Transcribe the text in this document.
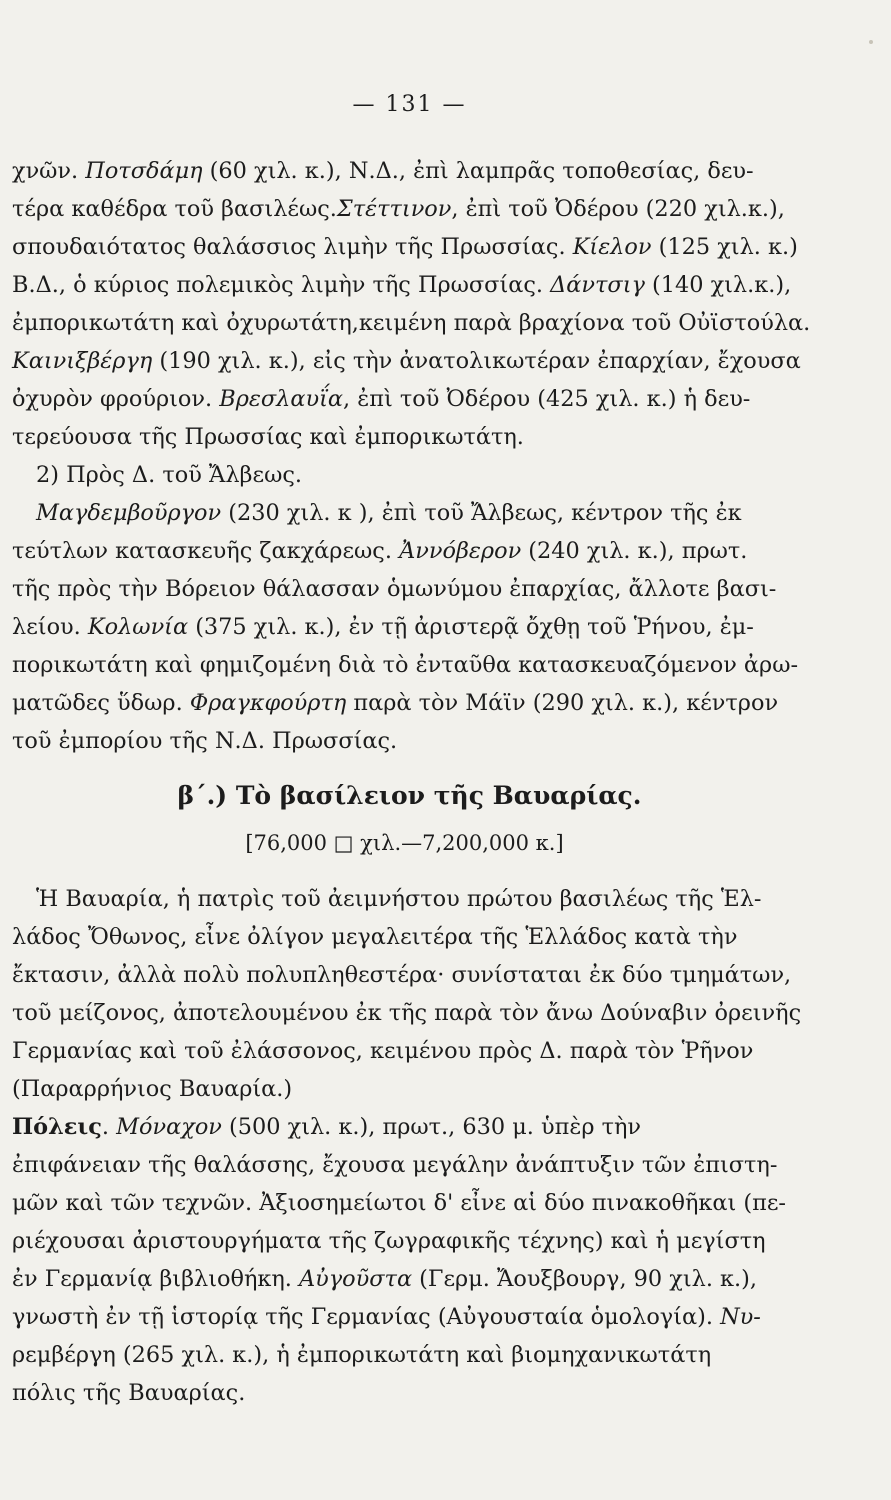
— 131 —

χνῶν. Ποτσδάμη (60 χιλ. κ.), Ν.Δ., ἐπὶ λαμπρᾶς τοποθεσίας, δευ-
τέρα καθέδρα τοῦ βασιλέως.Στέττινον, ἐπὶ τοῦ Ὀδέρου (220 χιλ.κ.),
σπουδαιότατος θαλάσσιος λιμὴν τῆς Πρωσσίας. Κίελον (125 χιλ. κ.)
Β.Δ., ὁ κύριος πολεμικὸς λιμὴν τῆς Πρωσσίας. Δάντσιγ (140 χιλ.κ.),
ἐμπορικωτάτη καὶ ὀχυρωτάτη,κειμένη παρὰ βραχίονα τοῦ Οὐϊστούλα.
Καινιξβέργη (190 χιλ. κ.), εἰς τὴν ἀνατολικωτέραν ἐπαρχίαν, ἔχουσα
ὀχυρὸν φρούριον. Βρεσλαυΐα, ἐπὶ τοῦ Ὀδέρου (425 χιλ. κ.) ἡ δευ-
τερεύουσα τῆς Πρωσσίας καὶ ἐμπορικωτάτη.
2) Πρὸς Δ. τοῦ Ἄλβεως.

Μαγδεμβοῦργον (230 χιλ. κ ), ἐπὶ τοῦ Ἄλβεως, κέντρον τῆς ἐκ
τεύτλων κατασκευῆς ζακχάρεως. Ἀννόβερον (240 χιλ. κ.), πρωτ.
τῆς πρὸς τὴν Βόρειον θάλασσαν ὁμωνύμου ἐπαρχίας, ἄλλοτε βασι-
λείου. Κολωνία (375 χιλ. κ.), ἐν τῇ ἀριστερᾷ ὄχθῃ τοῦ Ῥήνου, ἐμ-
πορικωτάτη καὶ φημιζομένη διὰ τὸ ἐνταῦθα κατασκευαζόμενον ἀρω-
ματῶδες ὕδωρ. Φραγκφούρτη παρὰ τὸν Μάϊν (290 χιλ. κ.), κέντρον
τοῦ ἐμπορίου τῆς Ν.Δ. Πρωσσίας.

β΄.) Τὸ βασίλειον τῆς Βαυαρίας.
[76,000 □ χιλ.—7,200,000 κ.]

Ἡ Βαυαρία, ἡ πατρὶς τοῦ ἀειμνήστου πρώτου βασιλέως τῆς Ἑλ-
λάδος Ὄθωνος, εἶνε ὀλίγον μεγαλειτέρα τῆς Ἑλλάδος κατὰ τὴν
ἔκτασιν, ἀλλὰ πολὺ πολυπληθεστέρα· συνίσταται ἐκ δύο τμημάτων,
τοῦ μείζονος, ἀποτελουμένου ἐκ τῆς παρὰ τὸν ἄνω Δούναβιν ὀρεινῆς
Γερμανίας καὶ τοῦ ἐλάσσονος, κειμένου πρὸς Δ. παρὰ τὸν Ῥῆνον
(Παραρρήνιος Βαυαρία.)

Πόλεις. Μόναχον (500 χιλ. κ.), πρωτ., 630 μ. ὑπὲρ τὴν
ἐπιφάνειαν τῆς θαλάσσης, ἔχουσα μεγάλην ἀνάπτυξιν τῶν ἐπιστη-
μῶν καὶ τῶν τεχνῶν. Ἀξιοσημείωτοι δ' εἶνε αἱ δύο πινακοθῆκαι (πε-
ριέχουσαι ἀριστουργήματα τῆς ζωγραφικῆς τέχνης) καὶ ἡ μεγίστη
ἐν Γερμανίᾳ βιβλιοθήκη. Αὐγοῦστα (Γερμ. Ἄουξβουργ, 90 χιλ. κ.),
γνωστὴ ἐν τῇ ἱστορίᾳ τῆς Γερμανίας (Αὐγουσταία ὁμολογία). Νυ-
ρεμβέργη (265 χιλ. κ.), ἡ ἐμπορικωτάτη καὶ βιομηχανικωτάτη
πόλις τῆς Βαυαρίας.
